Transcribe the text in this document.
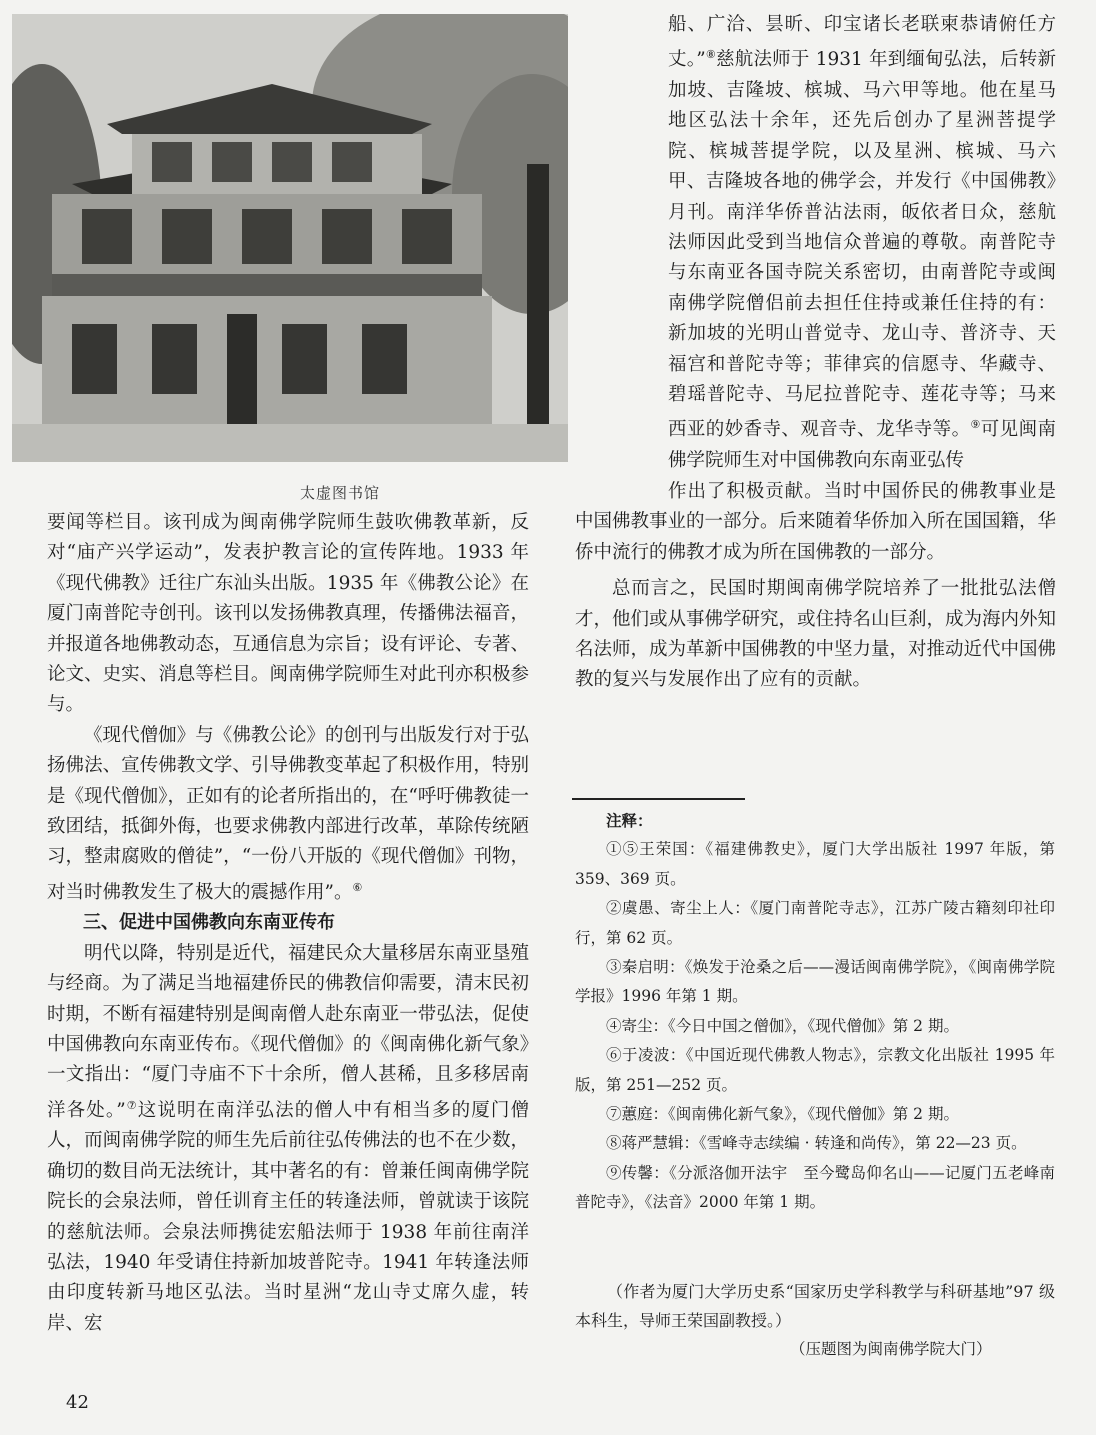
太虚图书馆

要闻等栏目。该刊成为闽南佛学院师生鼓吹佛教革新，反对“庙产兴学运动”，发表护教言论的宣传阵地。1933 年《现代佛教》迁往广东汕头出版。1935 年《佛教公论》在厦门南普陀寺创刊。该刊以发扬佛教真理，传播佛法福音，并报道各地佛教动态，互通信息为宗旨；设有评论、专著、论文、史实、消息等栏目。闽南佛学院师生对此刊亦积极参与。

《现代僧伽》与《佛教公论》的创刊与出版发行对于弘扬佛法、宣传佛教文学、引导佛教变革起了积极作用，特别是《现代僧伽》，正如有的论者所指出的，在“呼吁佛教徒一致团结，抵御外侮，也要求佛教内部进行改革，革除传统陋习，整肃腐败的僧徒”，“一份八开版的《现代僧伽》刊物，对当时佛教发生了极大的震撼作用”。⑥

三、促进中国佛教向东南亚传布

明代以降，特别是近代，福建民众大量移居东南亚垦殖与经商。为了满足当地福建侨民的佛教信仰需要，清末民初时期，不断有福建特别是闽南僧人赴东南亚一带弘法，促使中国佛教向东南亚传布。《现代僧伽》的《闽南佛化新气象》一文指出：“厦门寺庙不下十余所，僧人甚稀，且多移居南洋各处。”⑦这说明在南洋弘法的僧人中有相当多的厦门僧人，而闽南佛学院的师生先后前往弘传佛法的也不在少数，确切的数目尚无法统计，其中著名的有：曾兼任闽南佛学院院长的会泉法师，曾任训育主任的转逢法师，曾就读于该院的慈航法师。会泉法师携徒宏船法师于 1938 年前往南洋弘法，1940 年受请住持新加坡普陀寺。1941 年转逢法师由印度转新马地区弘法。当时星洲“龙山寺丈席久虚，转岸、宏

船、广洽、昙昕、印宝诸长老联柬恭请俯任方丈。”⑧慈航法师于 1931 年到缅甸弘法，后转新加坡、吉隆坡、槟城、马六甲等地。他在星马地区弘法十余年，还先后创办了星洲菩提学院、槟城菩提学院，以及星洲、槟城、马六甲、吉隆坡各地的佛学会，并发行《中国佛教》月刊。南洋华侨普沾法雨，皈依者日众，慈航法师因此受到当地信众普遍的尊敬。南普陀寺与东南亚各国寺院关系密切，由南普陀寺或闽南佛学院僧侣前去担任住持或兼任住持的有：新加坡的光明山普觉寺、龙山寺、普济寺、天福宫和普陀寺等；菲律宾的信愿寺、华藏寺、碧瑶普陀寺、马尼拉普陀寺、莲花寺等；马来西亚的妙香寺、观音寺、龙华寺等。⑨可见闽南佛学院师生对中国佛教向东南亚弘传

作出了积极贡献。当时中国侨民的佛教事业是中国佛教事业的一部分。后来随着华侨加入所在国国籍，华侨中流行的佛教才成为所在国佛教的一部分。

总而言之，民国时期闽南佛学院培养了一批批弘法僧才，他们或从事佛学研究，或住持名山巨刹，成为海内外知名法师，成为革新中国佛教的中坚力量，对推动近代中国佛教的复兴与发展作出了应有的贡献。

注释：

①⑤王荣国：《福建佛教史》，厦门大学出版社 1997 年版，第 359、369 页。

②虞愚、寄尘上人：《厦门南普陀寺志》，江苏广陵古籍刻印社印行，第 62 页。

③秦启明：《焕发于沧桑之后——漫话闽南佛学院》，《闽南佛学院学报》1996 年第 1 期。

④寄尘：《今日中国之僧伽》，《现代僧伽》第 2 期。

⑥于凌波：《中国近现代佛教人物志》，宗教文化出版社 1995 年版，第 251—252 页。

⑦蕙庭：《闽南佛化新气象》，《现代僧伽》第 2 期。

⑧蒋严慧辑：《雪峰寺志续编 · 转逢和尚传》，第 22—23 页。

⑨传馨：《分派洛伽开法宇　至今鹭岛仰名山——记厦门五老峰南普陀寺》，《法音》2000 年第 1 期。

（作者为厦门大学历史系“国家历史学科教学与科研基地”97 级本科生，导师王荣国副教授。）
（压题图为闽南佛学院大门）
42
